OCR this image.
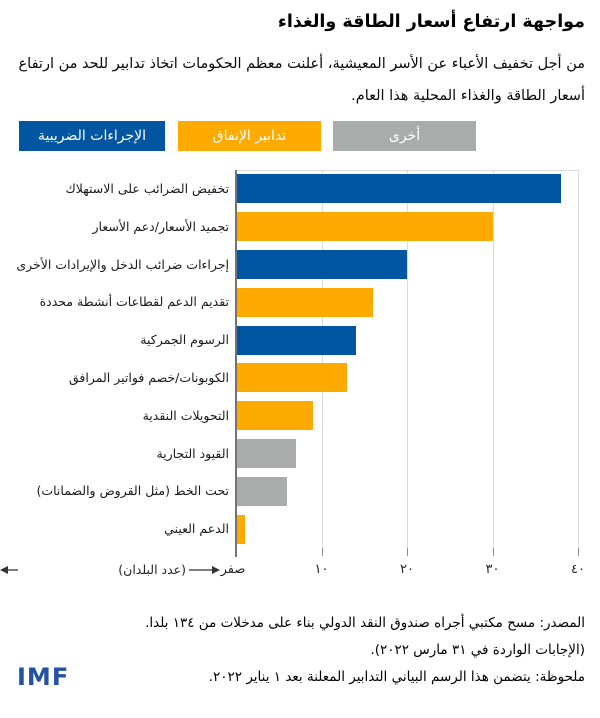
مواجهة ارتفاع أسعار الطاقة والغذاء
من أجل تخفيف الأعباء عن الأسر المعيشية، أعلنت معظم الحكومات اتخاذ تدابير للحد من ارتفاع
أسعار الطاقة والغذاء المحلية هذا العام.
(عدد البلدان)	صفر
المصدر: مسح مكتبي أجراه صندوق النقد الدولي بناء على مدخلات من ١٣٤ بلدا.
(الإجابات الواردة في ٣١ مارس ٢٠٢٢).
ملحوظة: يتضمن هذا الرسم البياني التدابير المعلنة بعد ١ يناير ٢٠٢٢.
IMF
١٠	٢٠	٣٠	٤٠
تخفيض الضرائب على الاستهلاك
تجميد الأسعار/دعم الأسعار
إجراءات ضرائب الدخل والإيرادات الأخرى
تقديم الدعم لقطاعات أنشطة محددة
الرسوم الجمركية
الكوبونات/خصم فواتير المرافق
التحويلات النقدية
القيود التجارية
تحت الخط (مثل القروض والضمانات)
الدعم العيني
الإجراءات الضريبية	تدابير الإنفاق	أخرى
